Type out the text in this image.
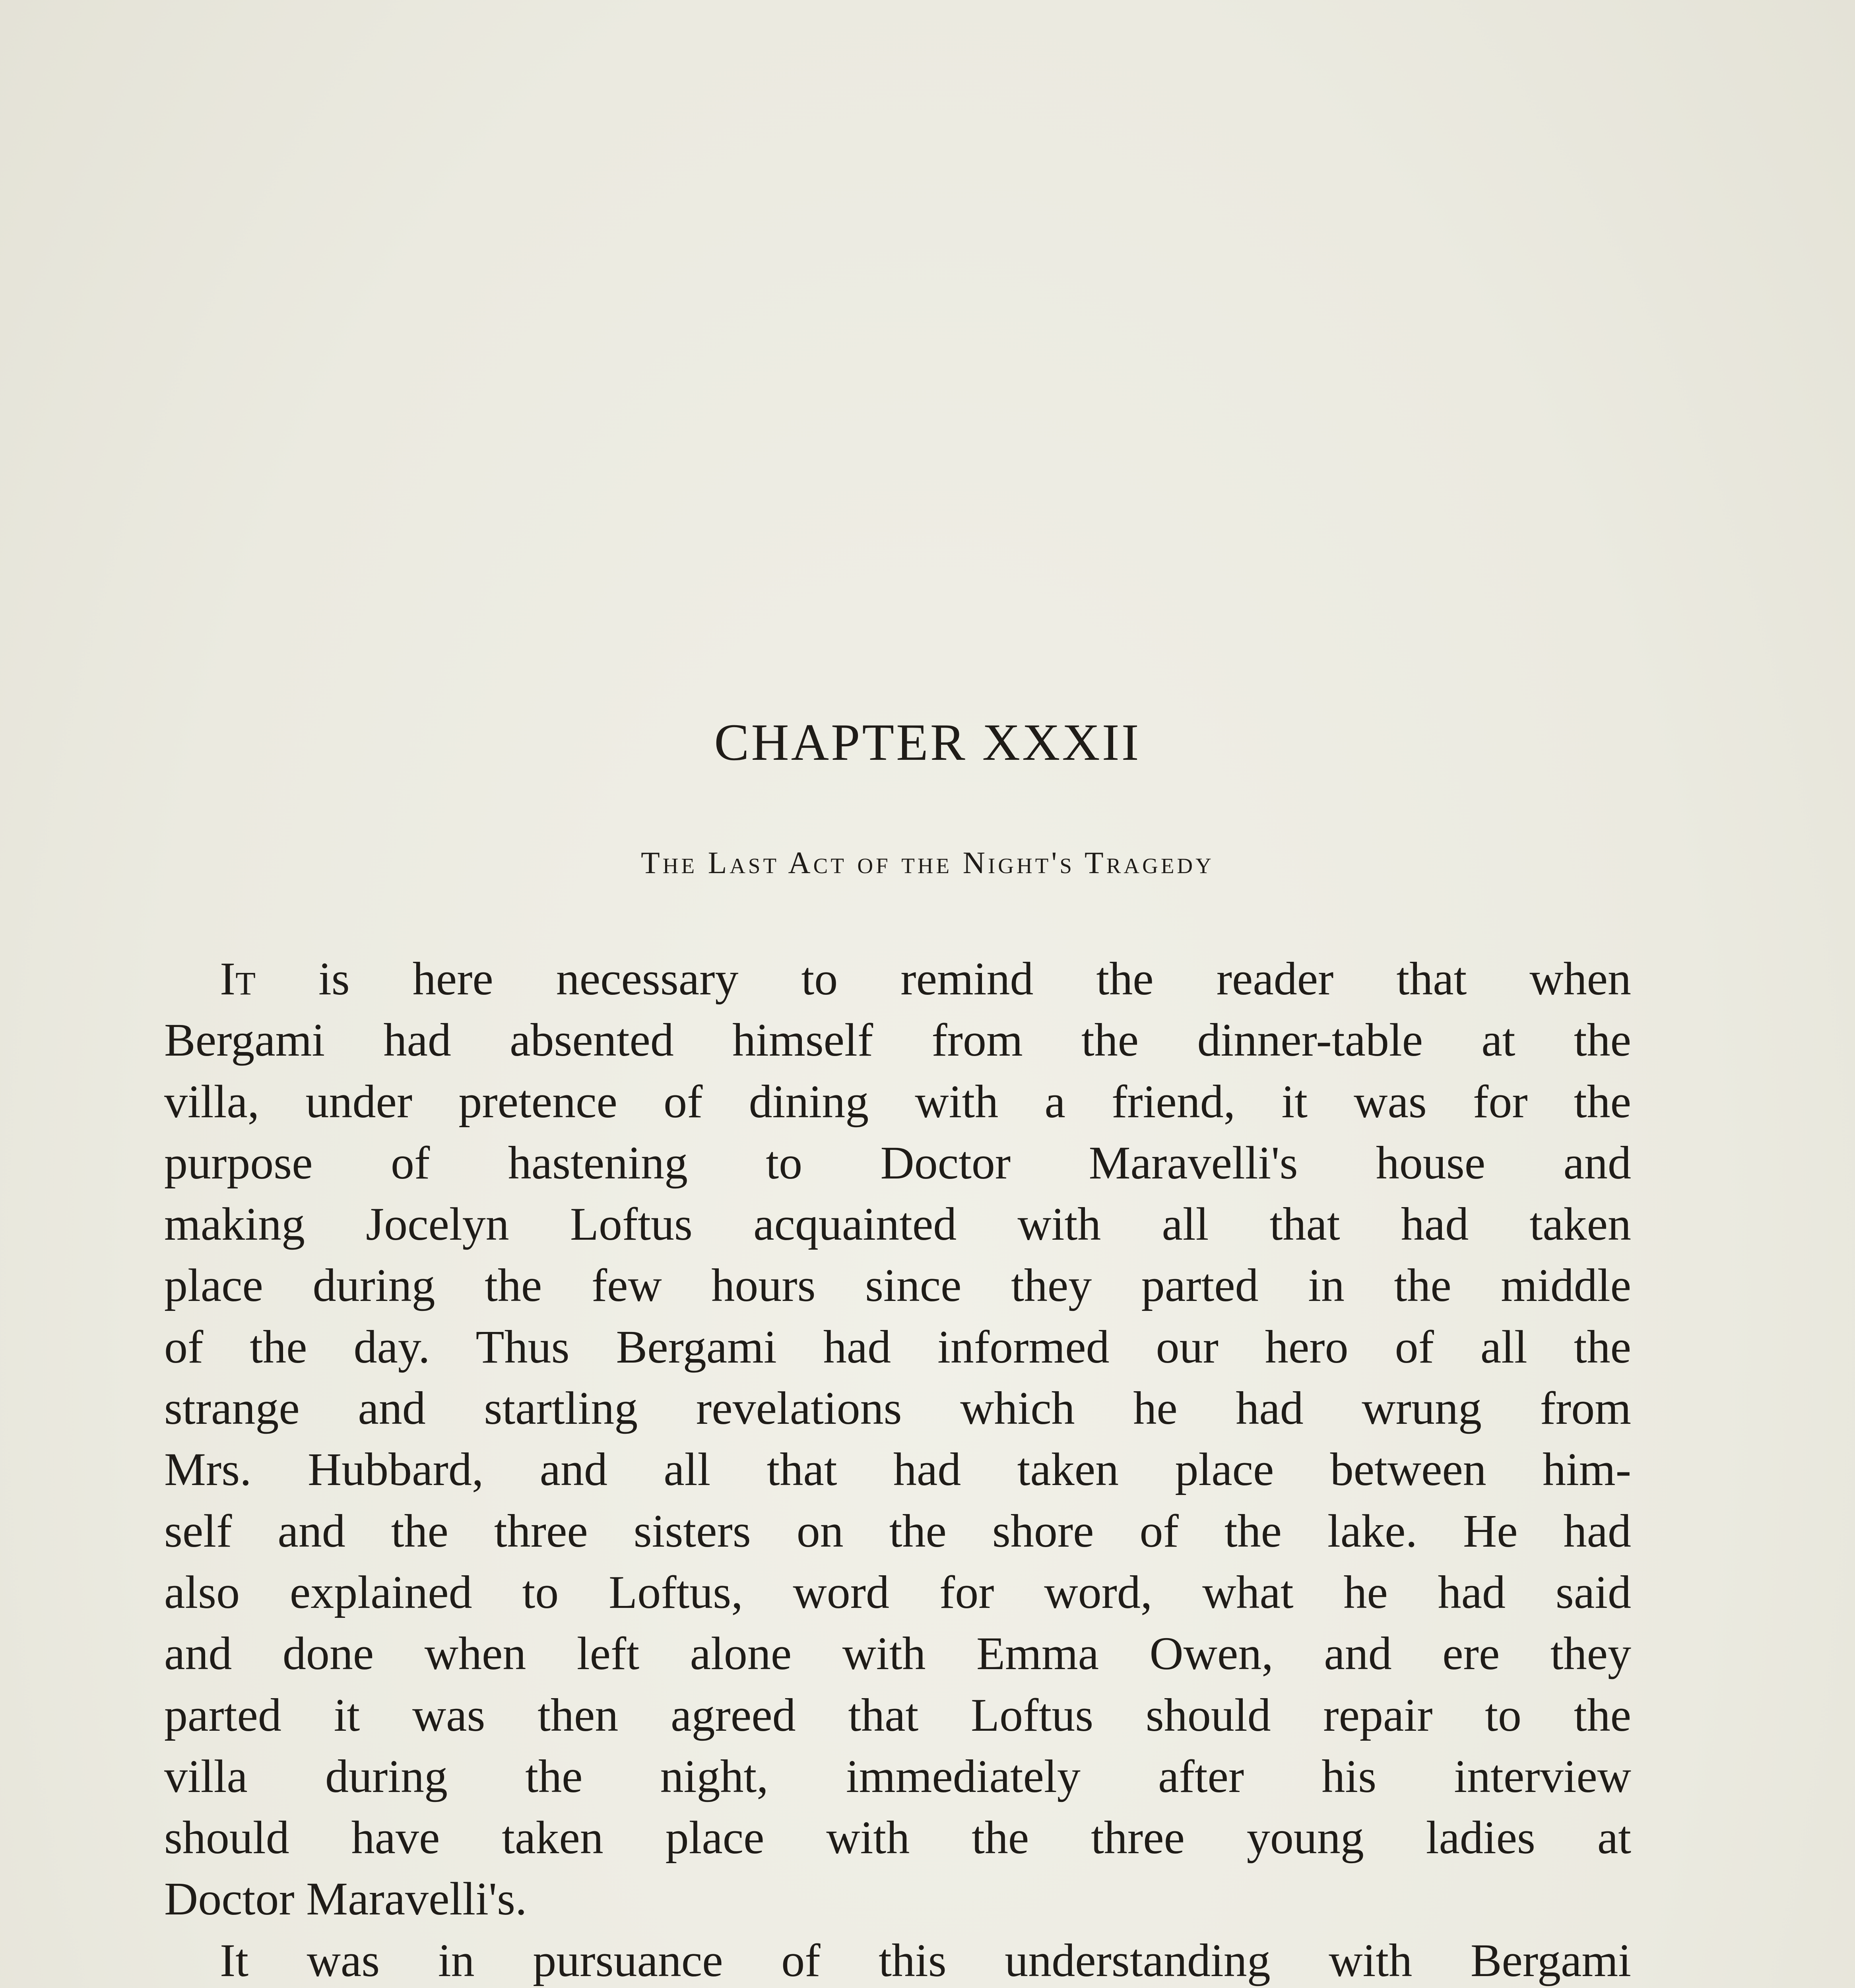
CHAPTER XXXII
The Last Act of the Night's Tragedy
It is here necessary to remind the reader that when
Bergami had absented himself from the dinner-table at the
villa, under pretence of dining with a friend, it was for the
purpose of hastening to Doctor Maravelli's house and
making Jocelyn Loftus acquainted with all that had taken
place during the few hours since they parted in the middle
of the day. Thus Bergami had informed our hero of all the
strange and startling revelations which he had wrung from
Mrs. Hubbard, and all that had taken place between him-
self and the three sisters on the shore of the lake. He had
also explained to Loftus, word for word, what he had said
and done when left alone with Emma Owen, and ere they
parted it was then agreed that Loftus should repair to the
villa during the night, immediately after his interview
should have taken place with the three young ladies at
Doctor Maravelli's.
It was in pursuance of this understanding with Bergami
